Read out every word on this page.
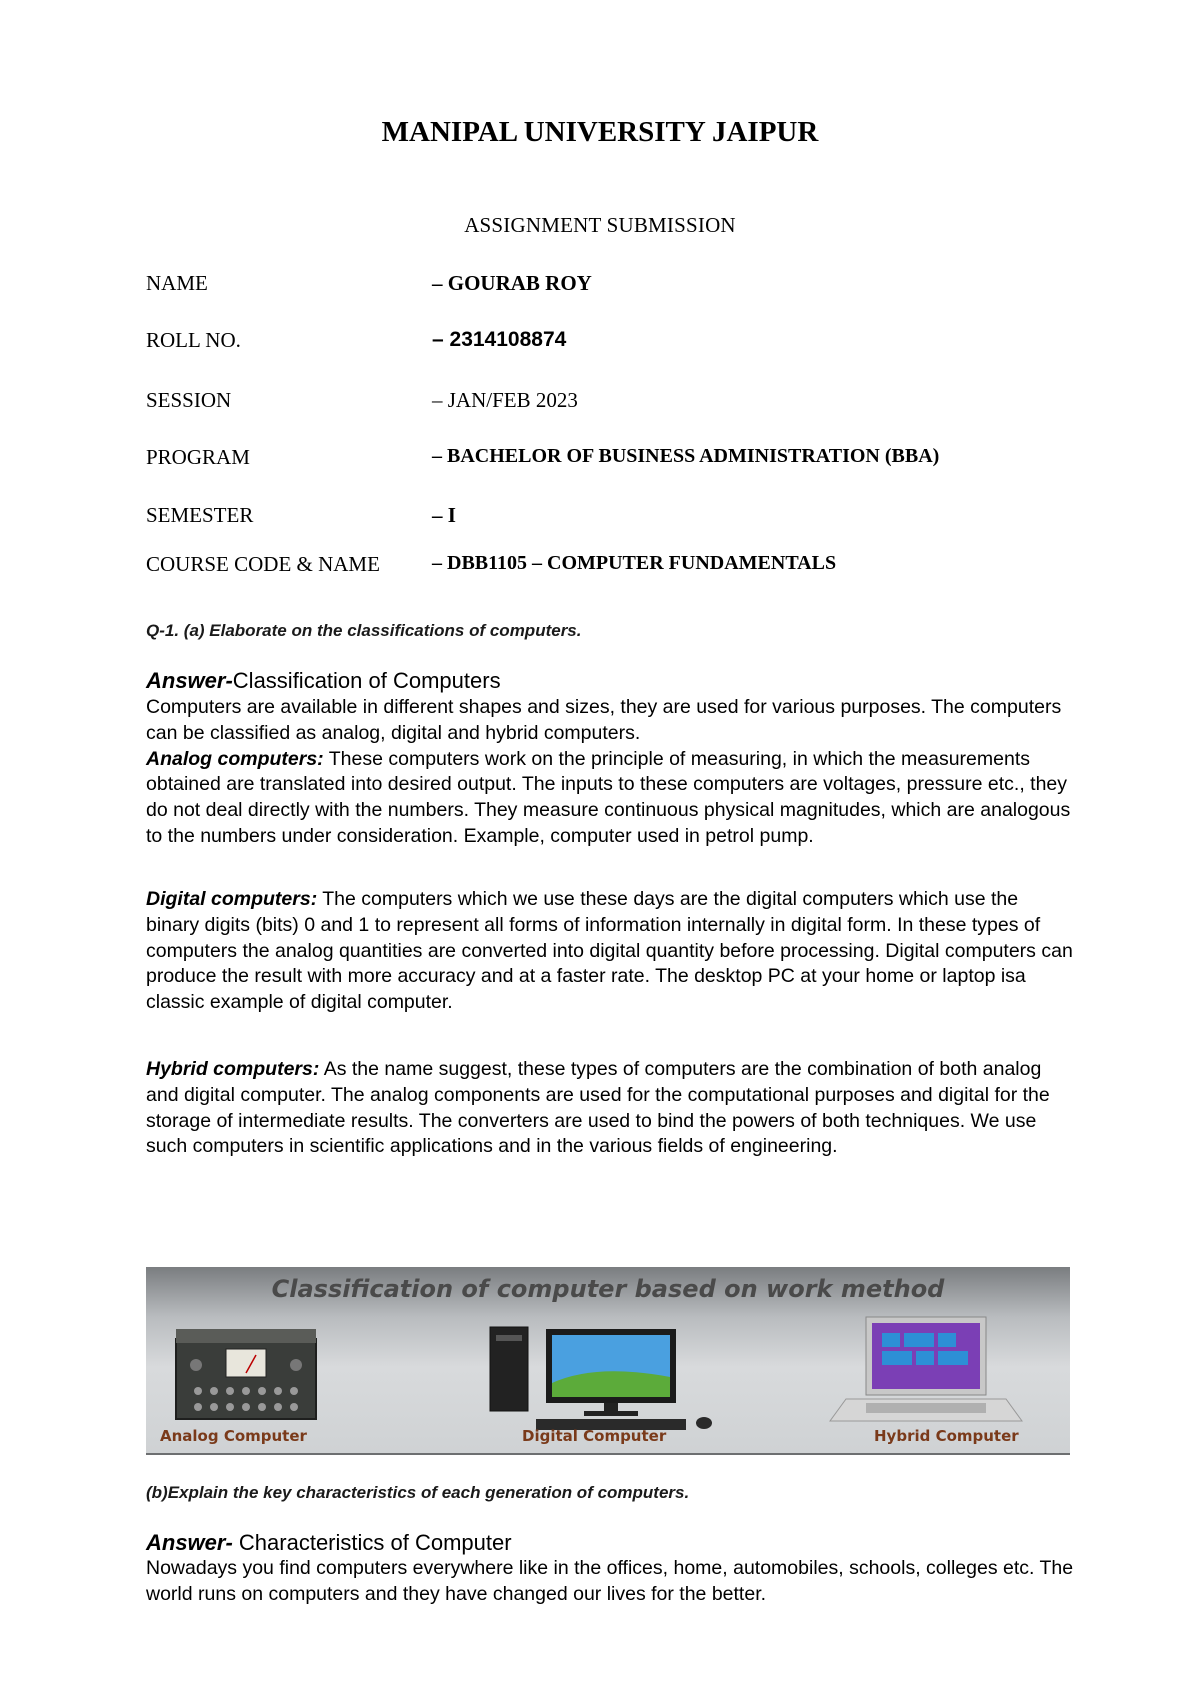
MANIPAL UNIVERSITY JAIPUR
ASSIGNMENT SUBMISSION
NAME	– GOURAB ROY
ROLL NO.	– 2314108874
SESSION	– JAN/FEB 2023
PROGRAM	– BACHELOR OF BUSINESS ADMINISTRATION (BBA)
SEMESTER	– I
COURSE CODE & NAME	– DBB1105 – COMPUTER FUNDAMENTALS
Q-1. (a) Elaborate on the classifications of computers.
Answer-Classification of Computers

Computers are available in different shapes and sizes, they are used for various purposes. The computers can be classified as analog, digital and hybrid computers.
Analog computers: These computers work on the principle of measuring, in which the measurements obtained are translated into desired output. The inputs to these computers are voltages, pressure etc., they do not deal directly with the numbers. They measure continuous physical magnitudes, which are analogous to the numbers under consideration. Example, computer used in petrol pump.

Digital computers: The computers which we use these days are the digital computers which use the binary digits (bits) 0 and 1 to represent all forms of information internally in digital form. In these types of computers the analog quantities are converted into digital quantity before processing. Digital computers can produce the result with more accuracy and at a faster rate. The desktop PC at your home or laptop isa classic example of digital computer.

Hybrid computers: As the name suggest, these types of computers are the combination of both analog and digital computer. The analog components are used for the computational purposes and digital for the storage of intermediate results. The converters are used to bind the powers of both techniques. We use such computers in scientific applications and in the various fields of engineering.

Classification of computer based on work method
Analog Computer	Digital Computer	Hybrid Computer
(b)Explain the key characteristics of each generation of computers.
Answer- Characteristics of Computer

Nowadays you find computers everywhere like in the offices, home, automobiles, schools, colleges etc. The world runs on computers and they have changed our lives for the better.
